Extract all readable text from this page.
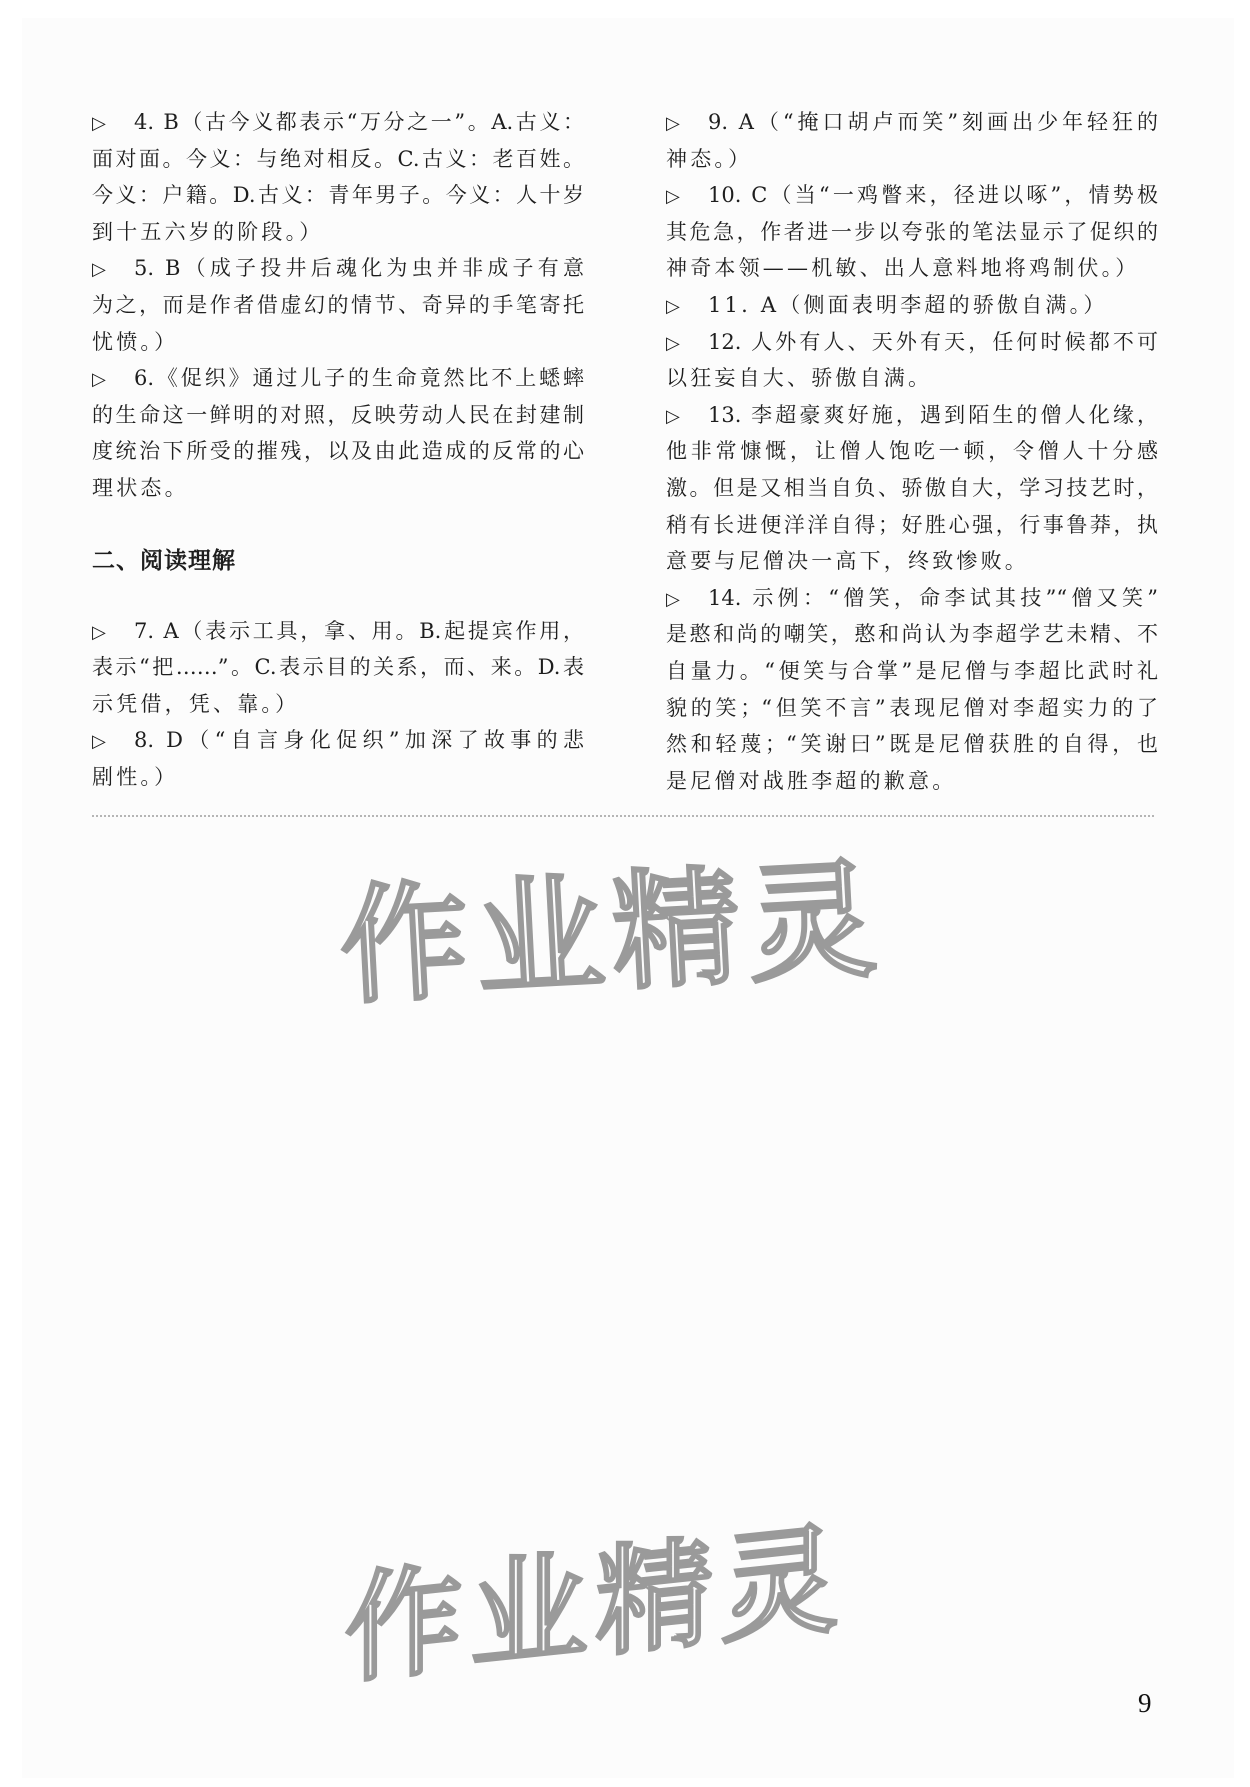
▷ 4. B（古今义都表示“万分之一”。A.古义：
面对面。今义：与绝对相反。C.古义：老百姓。
今义：户籍。D.古义：青年男子。今义：人十岁
到十五六岁的阶段。）
▷ 5. B（成子投井后魂化为虫并非成子有意
为之，而是作者借虚幻的情节、奇异的手笔寄托
忧愤。）
▷ 6.《促织》通过儿子的生命竟然比不上蟋蟀
的生命这一鲜明的对照，反映劳动人民在封建制
度统治下所受的摧残，以及由此造成的反常的心
理状态。
二、阅读理解
▷ 7. A（表示工具，拿、用。B.起提宾作用，
表示“把……”。C.表示目的关系，而、来。D.表
示凭借，凭、靠。）
▷ 8. D（“自言身化促织”加深了故事的悲
剧性。）
▷ 9. A（“掩口胡卢而笑”刻画出少年轻狂的
神态。）
▷ 10. C（当“一鸡瞥来，径进以啄”，情势极
其危急，作者进一步以夸张的笔法显示了促织的
神奇本领——机敏、出人意料地将鸡制伏。）
▷ 11. A（侧面表明李超的骄傲自满。）
▷ 12. 人外有人、天外有天，任何时候都不可
以狂妄自大、骄傲自满。
▷ 13. 李超豪爽好施，遇到陌生的僧人化缘，
他非常慷慨，让僧人饱吃一顿，令僧人十分感
激。但是又相当自负、骄傲自大，学习技艺时，
稍有长进便洋洋自得；好胜心强，行事鲁莽，执
意要与尼僧决一高下，终致惨败。
▷ 14. 示例：“僧笑，命李试其技”“僧又笑”
是憨和尚的嘲笑，憨和尚认为李超学艺未精、不
自量力。“便笑与合掌”是尼僧与李超比武时礼
貌的笑；“但笑不言”表现尼僧对李超实力的了
然和轻蔑；“笑谢曰”既是尼僧获胜的自得，也
是尼僧对战胜李超的歉意。
作业精灵
作业精灵
9
